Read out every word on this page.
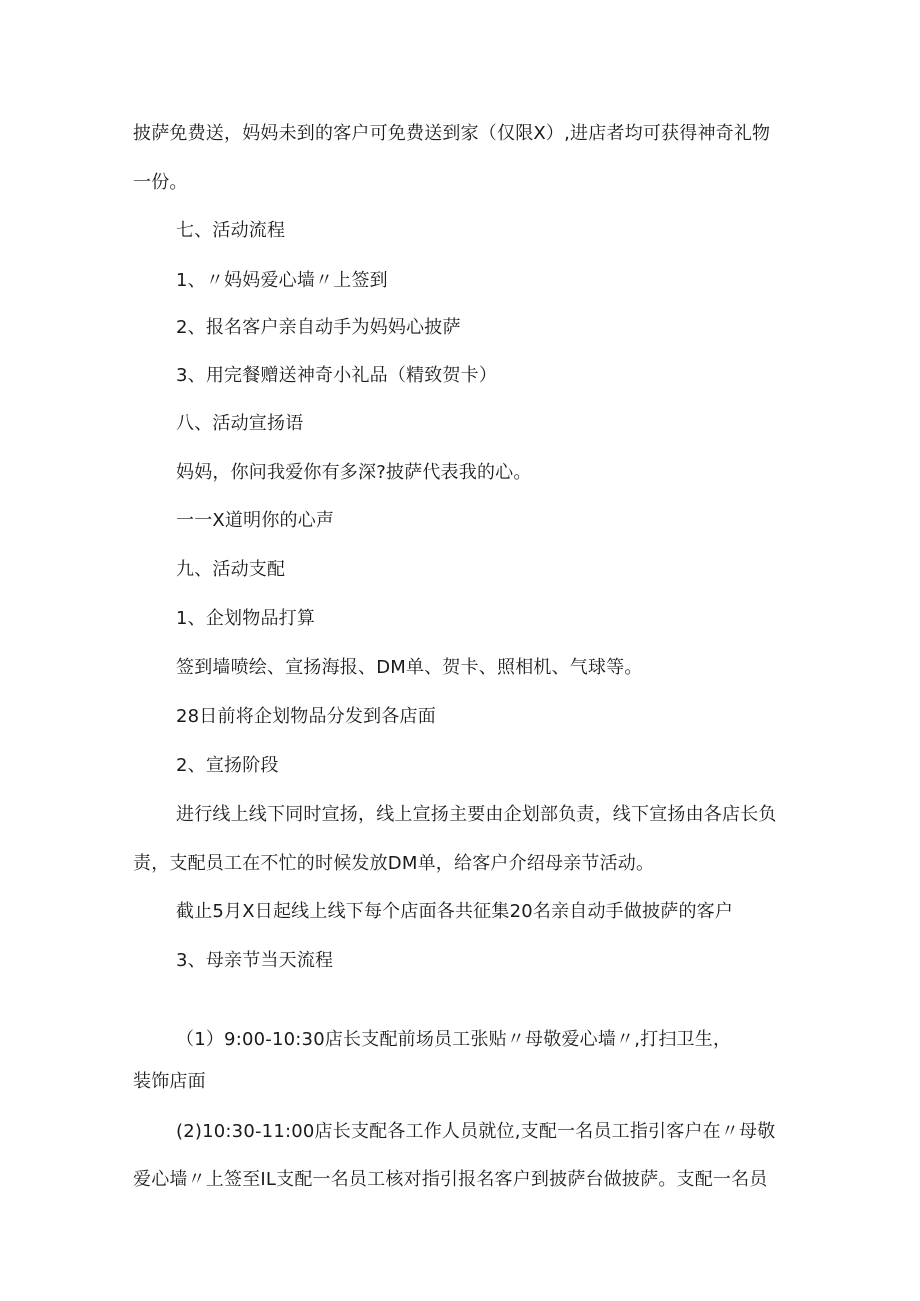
披萨免费送，妈妈未到的客户可免费送到家（仅限X）,进店者均可获得神奇礼物
一份。
七、活动流程
1、〃妈妈爱心墙〃上签到
2、报名客户亲自动手为妈妈心披萨
3、用完餐赠送神奇小礼品（精致贺卡）
八、活动宣扬语
妈妈，你问我爱你有多深?披萨代表我的心。
一一X道明你的心声
九、活动支配
1、企划物品打算
签到墙喷绘、宣扬海报、DM单、贺卡、照相机、气球等。
28日前将企划物品分发到各店面
2、宣扬阶段
进行线上线下同时宣扬，线上宣扬主要由企划部负责，线下宣扬由各店长负
责，支配员工在不忙的时候发放DM单，给客户介绍母亲节活动。
截止5月X日起线上线下每个店面各共征集20名亲自动手做披萨的客户
3、母亲节当天流程
（1）9:00-10:30店长支配前场员工张贴〃母敬爱心墙〃,打扫卫生，
装饰店面
(2)10:30-11:00店长支配各工作人员就位,支配一名员工指引客户在〃母敬
爱心墙〃上签至IL支配一名员工核对指引报名客户到披萨台做披萨。支配一名员
